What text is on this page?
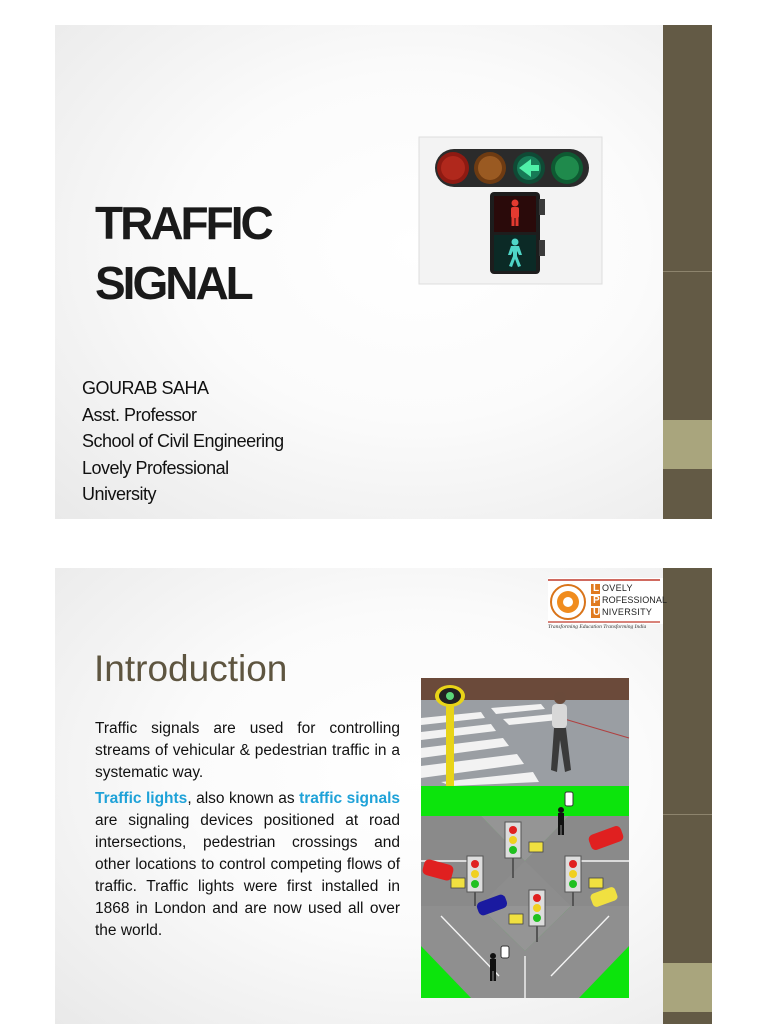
TRAFFIC SIGNAL
GOURAB SAHA
Asst. Professor
School of Civil Engineering
Lovely Professional
University
L
P
U
OVELY
ROFESSIONAL
NIVERSITY
Transforming Education Transforming India
Introduction

Traffic signals are used for controlling streams of vehicular & pedestrian traffic in a systematic way.

Traffic lights, also known as traffic signals are signaling devices positioned at road intersections, pedestrian crossings and other locations to control competing flows of traffic. Traffic lights were first installed in 1868 in London and are now used all over the world.
